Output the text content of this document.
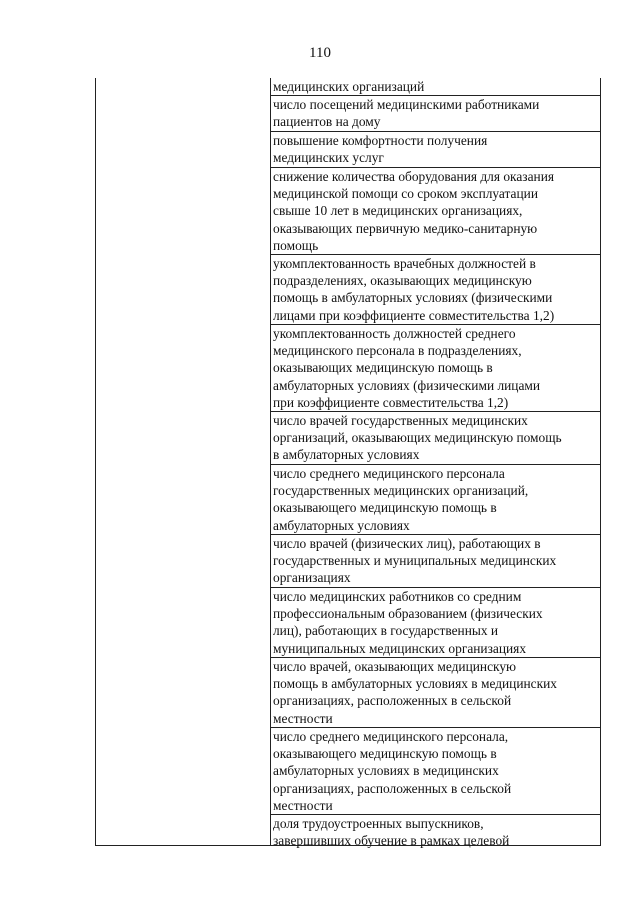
110
медицинских организаций
число посещений медицинскими работниками
пациентов на дому
повышение комфортности получения
медицинских услуг
снижение количества оборудования для оказания
медицинской помощи со сроком эксплуатации
свыше 10 лет в медицинских организациях,
оказывающих первичную медико-санитарную
помощь
укомплектованность врачебных должностей в
подразделениях, оказывающих медицинскую
помощь в амбулаторных условиях (физическими
лицами при коэффициенте совместительства 1,2)
укомплектованность должностей среднего
медицинского персонала в подразделениях,
оказывающих медицинскую помощь в
амбулаторных условиях (физическими лицами
при коэффициенте совместительства 1,2)
число врачей государственных медицинских
организаций, оказывающих медицинскую помощь
в амбулаторных условиях
число среднего медицинского персонала
государственных медицинских организаций,
оказывающего медицинскую помощь в
амбулаторных условиях
число врачей (физических лиц), работающих в
государственных и муниципальных медицинских
организациях
число медицинских работников со средним
профессиональным образованием (физических
лиц), работающих в государственных и
муниципальных медицинских организациях
число врачей, оказывающих медицинскую
помощь в амбулаторных условиях в медицинских
организациях, расположенных в сельской
местности
число среднего медицинского персонала,
оказывающего медицинскую помощь в
амбулаторных условиях в медицинских
организациях, расположенных в сельской
местности
доля трудоустроенных выпускников,
завершивших обучение в рамках целевой
